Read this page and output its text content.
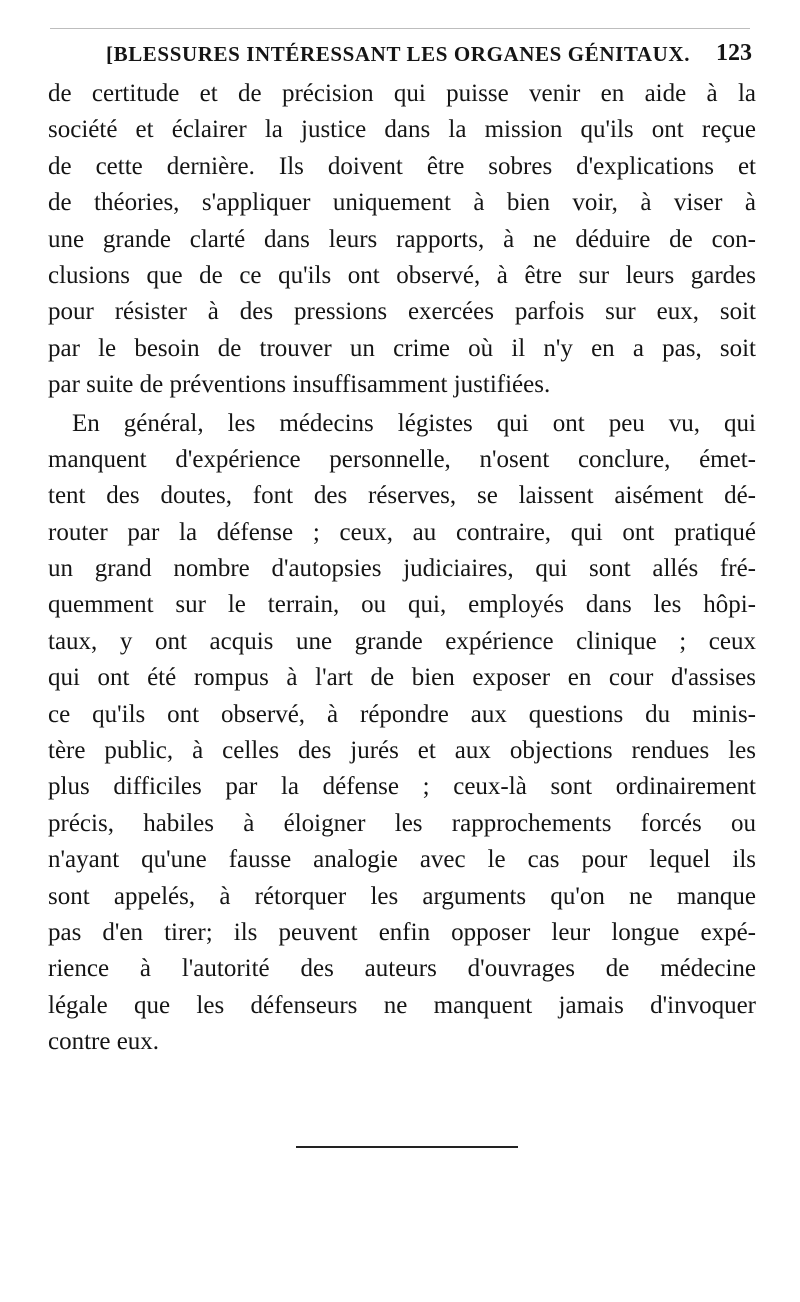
[BLESSURES INTÉRESSANT LES ORGANES GÉNITAUX. 123
de certitude et de précision qui puisse venir en aide à la
société et éclairer la justice dans la mission qu'ils ont reçue
de cette dernière. Ils doivent être sobres d'explications et
de théories, s'appliquer uniquement à bien voir, à viser à
une grande clarté dans leurs rapports, à ne déduire de con-
clusions que de ce qu'ils ont observé, à être sur leurs gardes
pour résister à des pressions exercées parfois sur eux, soit
par le besoin de trouver un crime où il n'y en a pas, soit
par suite de préventions insuffisamment justifiées.
En général, les médecins légistes qui ont peu vu, qui
manquent d'expérience personnelle, n'osent conclure, émet-
tent des doutes, font des réserves, se laissent aisément dé-
router par la défense ; ceux, au contraire, qui ont pratiqué
un grand nombre d'autopsies judiciaires, qui sont allés fré-
quemment sur le terrain, ou qui, employés dans les hôpi-
taux, y ont acquis une grande expérience clinique ; ceux
qui ont été rompus à l'art de bien exposer en cour d'assises
ce qu'ils ont observé, à répondre aux questions du minis-
tère public, à celles des jurés et aux objections rendues les
plus difficiles par la défense ; ceux-là sont ordinairement
précis, habiles à éloigner les rapprochements forcés ou
n'ayant qu'une fausse analogie avec le cas pour lequel ils
sont appelés, à rétorquer les arguments qu'on ne manque
pas d'en tirer; ils peuvent enfin opposer leur longue expé-
rience à l'autorité des auteurs d'ouvrages de médecine
légale que les défenseurs ne manquent jamais d'invoquer
contre eux.
